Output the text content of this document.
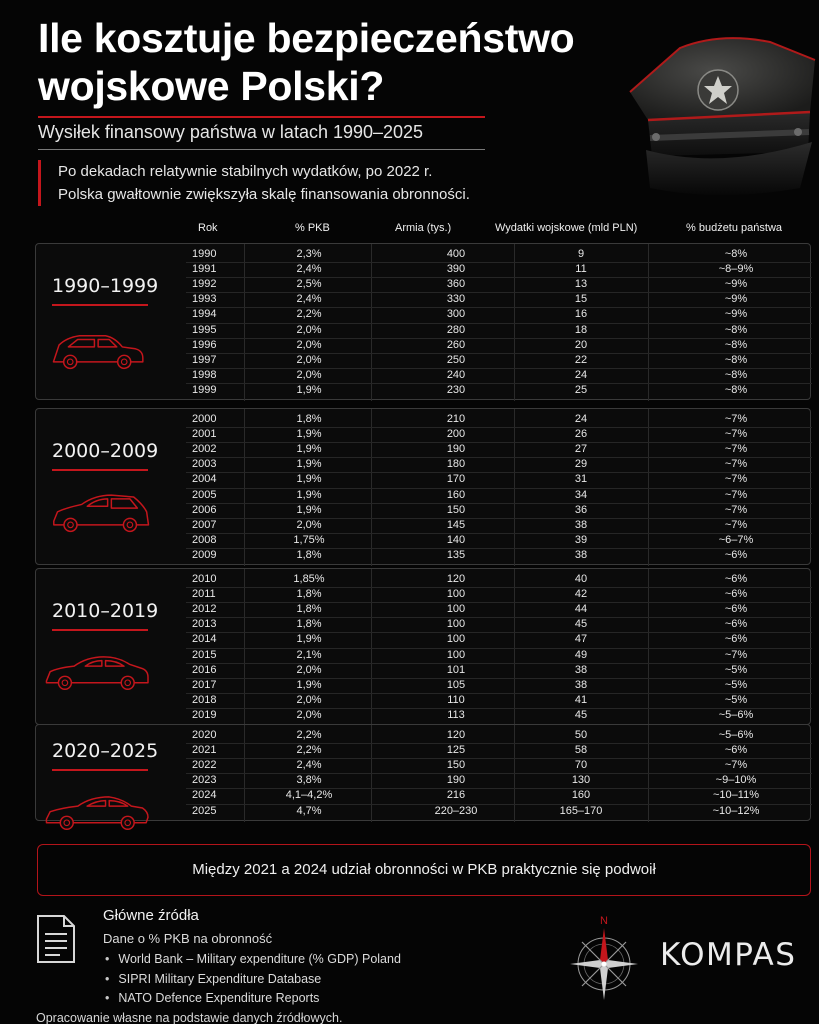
Ile kosztuje bezpieczeństwo
wojskowe Polski?
Wysiłek finansowy państwa w latach 1990–2025
Po dekadach relatywnie stabilnych wydatków, po 2022 r.
Polska gwałtownie zwiększyła skalę finansowania obronności.
Rok	% PKB	Armia (tys.)	Wydatki wojskowe (mld PLN)	% budżetu państwa
1990–1999
1990	2,3%	400	9	~8%
1991	2,4%	390	11	~8–9%
1992	2,5%	360	13	~9%
1993	2,4%	330	15	~9%
1994	2,2%	300	16	~9%
1995	2,0%	280	18	~8%
1996	2,0%	260	20	~8%
1997	2,0%	250	22	~8%
1998	2,0%	240	24	~8%
1999	1,9%	230	25	~8%
2000–2009
2000	1,8%	210	24	~7%
2001	1,9%	200	26	~7%
2002	1,9%	190	27	~7%
2003	1,9%	180	29	~7%
2004	1,9%	170	31	~7%
2005	1,9%	160	34	~7%
2006	1,9%	150	36	~7%
2007	2,0%	145	38	~7%
2008	1,75%	140	39	~6–7%
2009	1,8%	135	38	~6%
2010–2019
2010	1,85%	120	40	~6%
2011	1,8%	100	42	~6%
2012	1,8%	100	44	~6%
2013	1,8%	100	45	~6%
2014	1,9%	100	47	~6%
2015	2,1%	100	49	~7%
2016	2,0%	101	38	~5%
2017	1,9%	105	38	~5%
2018	2,0%	110	41	~5%
2019	2,0%	113	45	~5–6%
2020–2025
2020	2,2%	120	50	~5–6%
2021	2,2%	125	58	~6%
2022	2,4%	150	70	~7%
2023	3,8%	190	130	~9–10%
2024	4,1–4,2%	216	160	~10–11%
2025	4,7%	220–230	165–170	~10–12%
Między 2021 a 2024 udział obronności w PKB praktycznie się podwoił
Główne źródła
Dane o % PKB na obronność
• World Bank – Military expenditure (% GDP) Poland
• SIPRI Military Expenditure Database
• NATO Defence Expenditure Reports
Opracowanie własne na podstawie danych źródłowych.
N
KOMPAS
